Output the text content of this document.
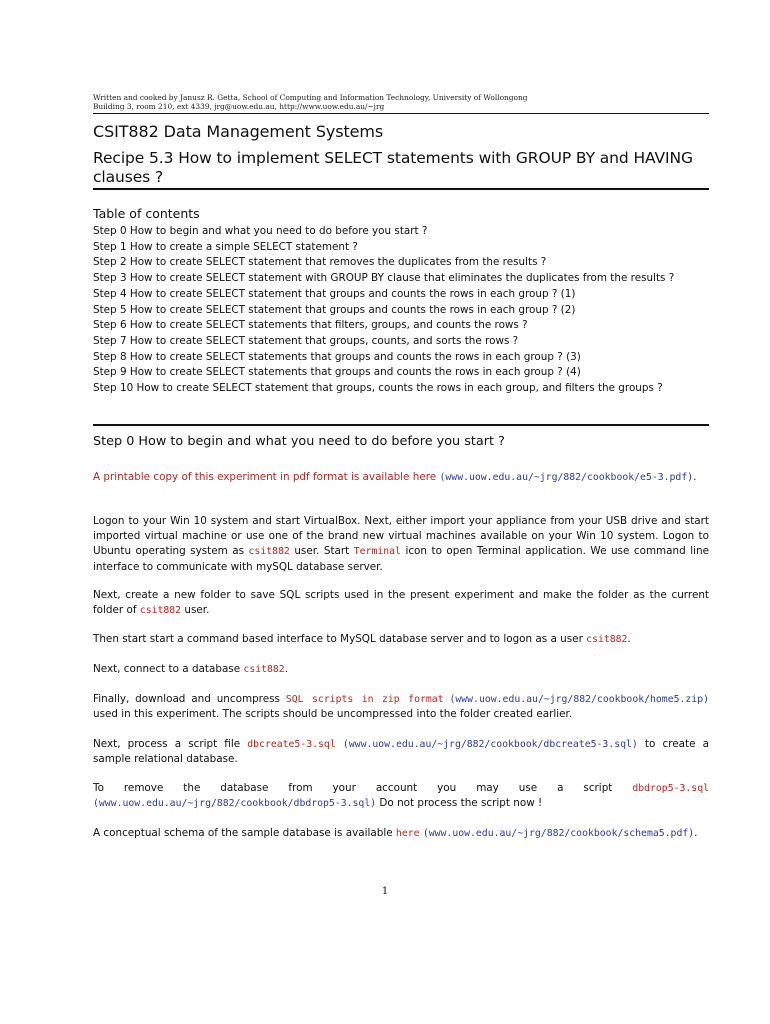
Written and cooked by Janusz R. Getta, School of Computing and Information Technology, University of Wollongong
Building 3, room 210, ext 4339, jrg@uow.edu.au, http://www.uow.edu.au/~jrg
CSIT882 Data Management Systems
Recipe 5.3 How to implement SELECT statements with GROUP BY and HAVING clauses ?
Table of contents
Step 0 How to begin and what you need to do before you start ?
Step 1 How to create a simple SELECT statement ?
Step 2 How to create SELECT statement that removes the duplicates from the results ?
Step 3 How to create SELECT statement with GROUP BY clause that eliminates the duplicates from the results ?
Step 4 How to create SELECT statement that groups and counts the rows in each group ? (1)
Step 5 How to create SELECT statement that groups and counts the rows in each group ? (2)
Step 6 How to create SELECT statements that filters, groups, and counts the rows ?
Step 7 How to create SELECT statement that groups, counts, and sorts the rows ?
Step 8 How to create SELECT statements that groups and counts the rows in each group ? (3)
Step 9 How to create SELECT statements that groups and counts the rows in each group ? (4)
Step 10 How to create SELECT statement that groups, counts the rows in each group, and filters the groups ?
Step 0 How to begin and what you need to do before you start ?

A printable copy of this experiment in pdf format is available here (www.uow.edu.au/~jrg/882/cookbook/e5-3.pdf).

Logon to your Win 10 system and start VirtualBox. Next, either import your appliance from your USB drive and start imported virtual machine or use one of the brand new virtual machines available on your Win 10 system. Logon to Ubuntu operating system as csit882 user. Start Terminal icon to open Terminal application. We use command line interface to communicate with mySQL database server.

Next, create a new folder to save SQL scripts used in the present experiment and make the folder as the current folder of csit882 user.

Then start start a command based interface to MySQL database server and to logon as a user csit882.

Next, connect to a database csit882.

Finally, download and uncompress SQL scripts in zip format (www.uow.edu.au/~jrg/882/cookbook/home5.zip) used in this experiment. The scripts should be uncompressed into the folder created earlier.

Next, process a script file dbcreate5-3.sql (www.uow.edu.au/~jrg/882/cookbook/dbcreate5-3.sql) to create a sample relational database.

To remove the database from your account you may use a script dbdrop5-3.sql (www.uow.edu.au/~jrg/882/cookbook/dbdrop5-3.sql) Do not process the script now !

A conceptual schema of the sample database is available here (www.uow.edu.au/~jrg/882/cookbook/schema5.pdf).

1
